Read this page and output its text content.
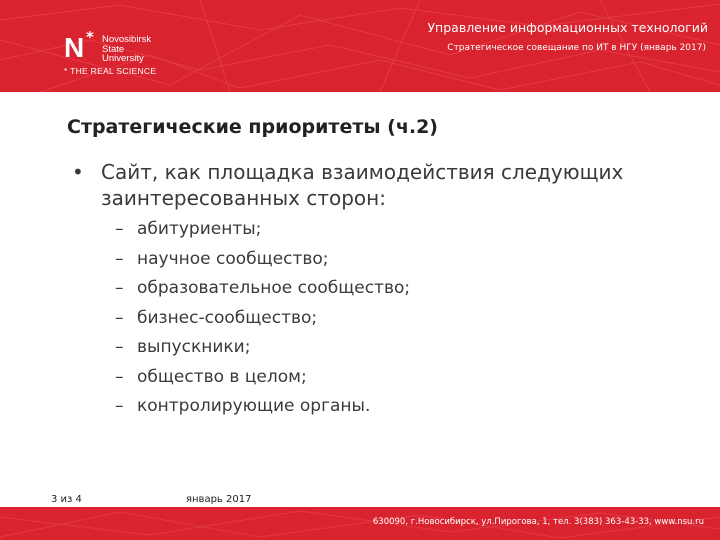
N * Novosibirsk
State
University
* THE REAL SCIENCE
Управление информационных технологий
Стратегическое совещание по ИТ в НГУ (январь 2017)
Стратегические приоритеты (ч.2)
• Сайт, как площадка взаимодействия следующих заинтересованных сторон:
– абитуриенты;
– научное сообщество;
– образовательное сообщество;
– бизнес-сообщество;
– выпускники;
– общество в целом;
– контролирующие органы.
3 из 4	январь 2017
630090, г.Новосибирск, ул.Пирогова, 1, тел. 3(383) 363-43-33, www.nsu.ru
